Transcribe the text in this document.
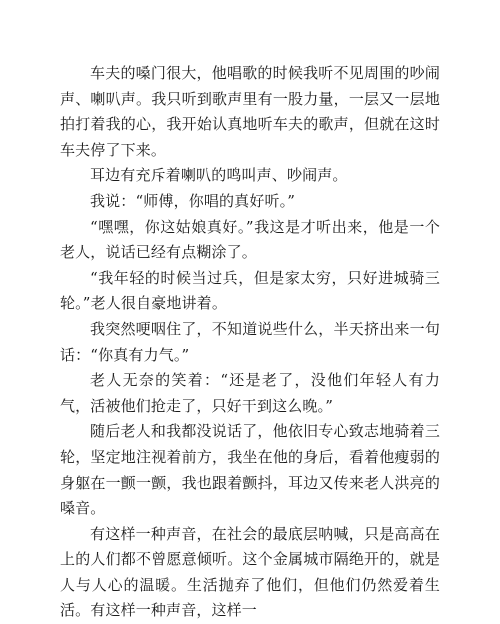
车夫的嗓门很大，他唱歌的时候我听不见周围的吵闹声、喇叭声。我只听到歌声里有一股力量，一层又一层地拍打着我的心，我开始认真地听车夫的歌声，但就在这时车夫停了下来。

耳边有充斥着喇叭的鸣叫声、吵闹声。

我说：“师傅，你唱的真好听。”

“嘿嘿，你这姑娘真好。”我这是才听出来，他是一个老人，说话已经有点糊涂了。

“我年轻的时候当过兵，但是家太穷，只好进城骑三轮。”老人很自豪地讲着。

我突然哽咽住了，不知道说些什么，半天挤出来一句话：“你真有力气。”

老人无奈的笑着：“还是老了，没他们年轻人有力气，活被他们抢走了，只好干到这么晚。”

随后老人和我都没说话了，他依旧专心致志地骑着三轮，坚定地注视着前方，我坐在他的身后，看着他瘦弱的身躯在一颤一颤，我也跟着颤抖，耳边又传来老人洪亮的嗓音。

有这样一种声音，在社会的最底层呐喊，只是高高在上的人们都不曾愿意倾听。这个金属城市隔绝开的，就是人与人心的温暖。生活抛弃了他们，但他们仍然爱着生活。有这样一种声音，这样一
